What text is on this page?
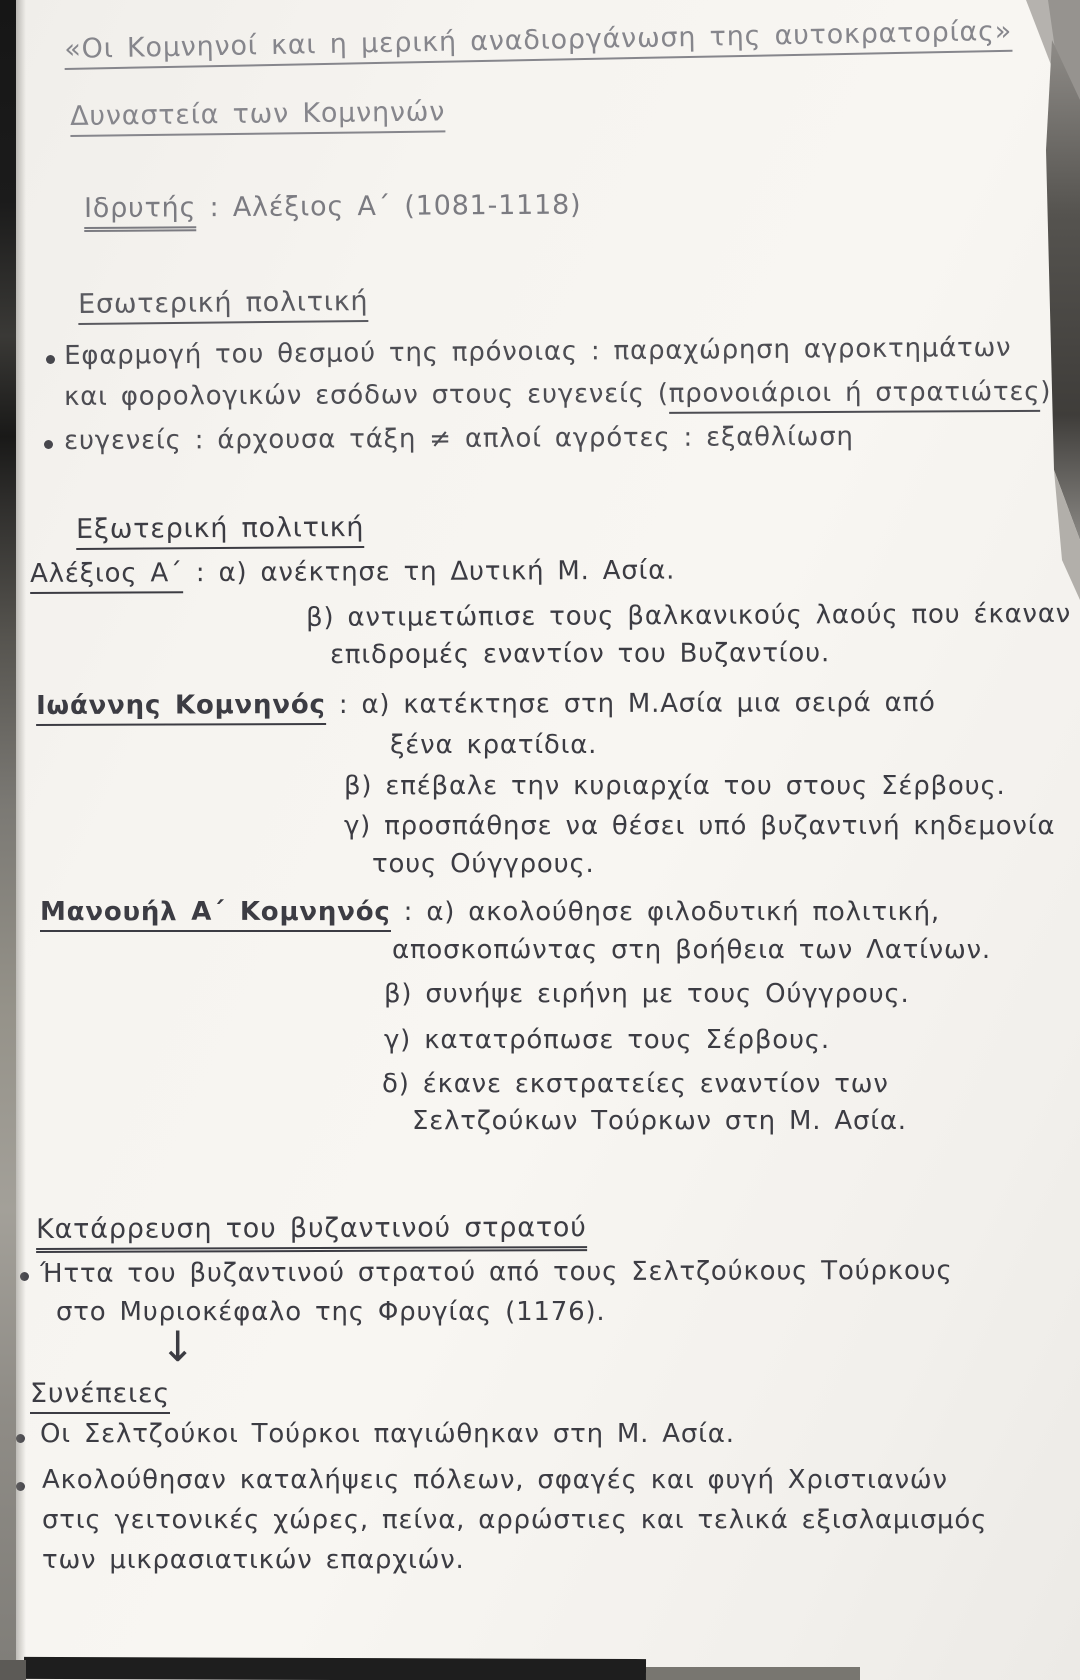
«Οι Κομνηνοί και η μερική αναδιοργάνωση της αυτοκρατορίας»
Δυναστεία των Κομνηνών
Ιδρυτής : Αλέξιος Α´ (1081-1118)
Εσωτερική πολιτική
Εφαρμογή του θεσμού της πρόνοιας : παραχώρηση αγροκτημάτων
και φορολογικών εσόδων στους ευγενείς (προνοιάριοι ή στρατιώτες)
ευγενείς : άρχουσα τάξη ≠ απλοί αγρότες : εξαθλίωση
Εξωτερική πολιτική
Αλέξιος Α´ : α) ανέκτησε τη Δυτική Μ. Ασία.
β) αντιμετώπισε τους βαλκανικούς λαούς που έκαναν
επιδρομές εναντίον του Βυζαντίου.
Ιωάννης Κομνηνός : α) κατέκτησε στη Μ.Ασία μια σειρά από
ξένα κρατίδια.
β) επέβαλε την κυριαρχία του στους Σέρβους.
γ) προσπάθησε να θέσει υπό βυζαντινή κηδεμονία
τους Ούγγρους.
Μανουήλ Α´ Κομνηνός : α) ακολούθησε φιλοδυτική πολιτική,
αποσκοπώντας στη βοήθεια των Λατίνων.
β) συνήψε ειρήνη με τους Ούγγρους.
γ) κατατρόπωσε τους Σέρβους.
δ) έκανε εκστρατείες εναντίον των
Σελτζούκων Τούρκων στη Μ. Ασία.
Κατάρρευση του βυζαντινού στρατού
Ήττα του βυζαντινού στρατού από τους Σελτζούκους Τούρκους
στο Μυριοκέφαλο της Φρυγίας (1176).
↓
Συνέπειες
Οι Σελτζούκοι Τούρκοι παγιώθηκαν στη Μ. Ασία.
Ακολούθησαν καταλήψεις πόλεων, σφαγές και φυγή Χριστιανών
στις γειτονικές χώρες, πείνα, αρρώστιες και τελικά εξισλαμισμός
των μικρασιατικών επαρχιών.
